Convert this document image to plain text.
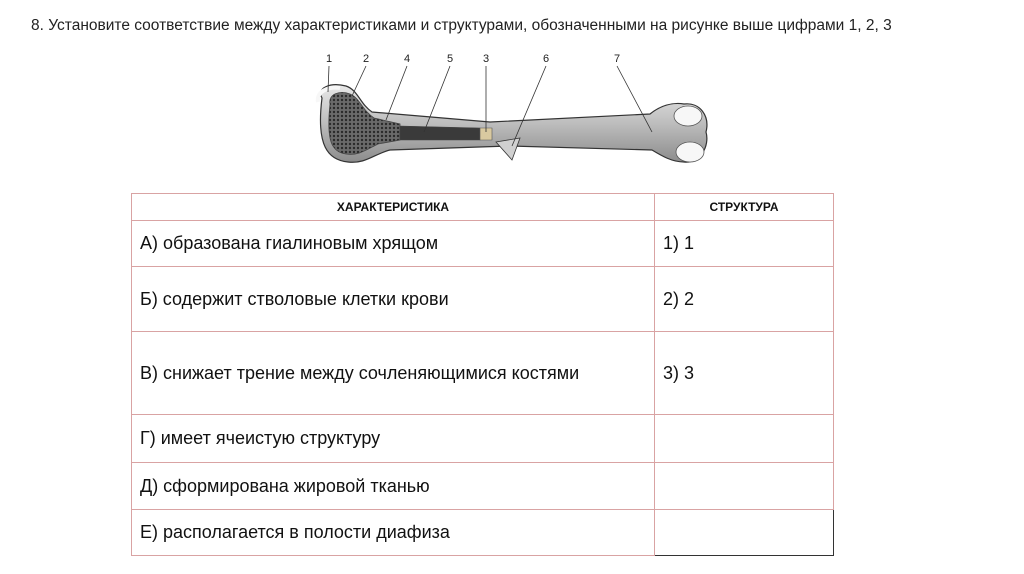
8. Установите соответствие между характеристиками и структурами, обозначенными на рисунке выше цифрами 1, 2, 3
1	2	4	5	3	6	7
ХАРАКТЕРИСТИКА	СТРУКТУРА
А) образована гиалиновым хрящом	1) 1
Б) содержит стволовые клетки крови	2) 2
В) снижает трение между сочленяющимися костями	3) 3
Г) имеет ячеистую структуру	
Д) сформирована жировой тканью	
Е) располагается в полости диафиза	
